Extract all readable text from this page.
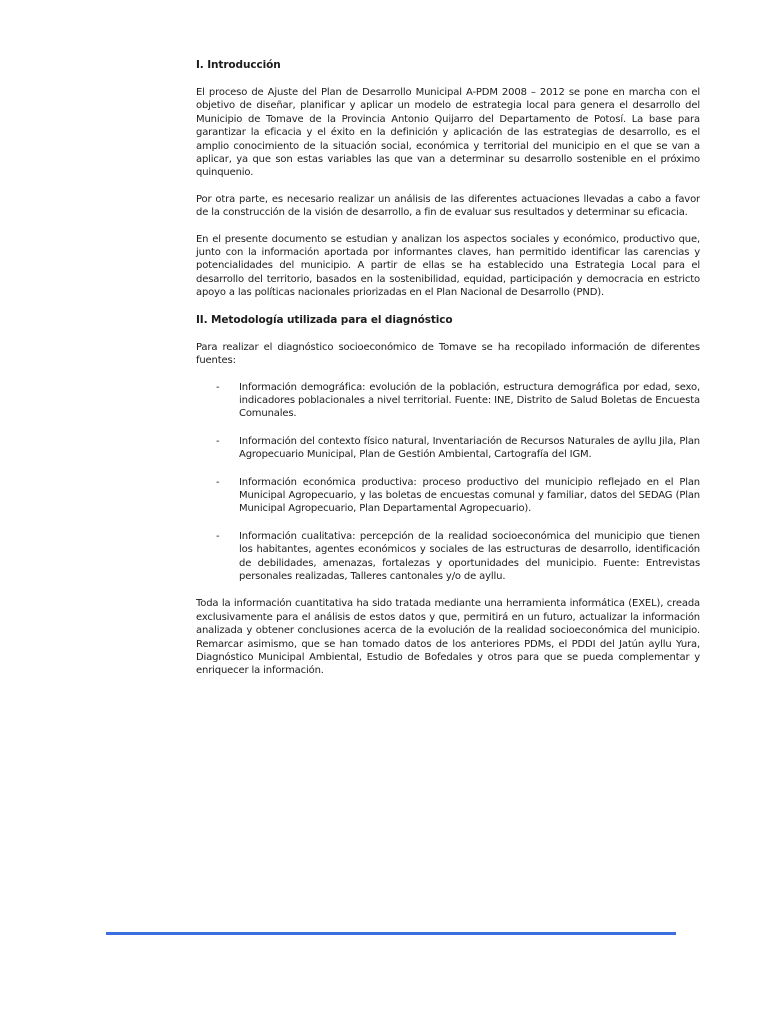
I. Introducción

El proceso de Ajuste del Plan de Desarrollo Municipal A-PDM 2008 – 2012 se pone en marcha con el objetivo de diseñar, planificar y aplicar un modelo de estrategia local para genera el desarrollo del Municipio de Tomave de la Provincia Antonio Quijarro del Departamento de Potosí. La base para garantizar la eficacia y el éxito en la definición y aplicación de las estrategias de desarrollo, es el amplio conocimiento de la situación social, económica y territorial del municipio en el que se van a aplicar, ya que son estas variables las que van a determinar su desarrollo sostenible en el próximo quinquenio.

Por otra parte, es necesario realizar un análisis de las diferentes actuaciones llevadas a cabo a favor de la construcción de la visión de desarrollo, a fin de evaluar sus resultados y determinar su eficacia.

En el presente documento se estudian y analizan los aspectos sociales y económico, productivo que, junto con la información aportada por informantes claves, han permitido identificar las carencias y potencialidades del municipio. A partir de ellas se ha establecido una Estrategia Local para el desarrollo del territorio, basados en la sostenibilidad, equidad, participación y democracia en estricto apoyo a las políticas nacionales priorizadas en el Plan Nacional de Desarrollo (PND).

II. Metodología utilizada para el diagnóstico

Para realizar el diagnóstico socioeconómico de Tomave se ha recopilado información de diferentes fuentes:

- Información demográfica: evolución de la población, estructura demográfica por edad, sexo, indicadores poblacionales a nivel territorial. Fuente: INE, Distrito de Salud Boletas de Encuesta Comunales.
- Información del contexto físico natural, Inventariación de Recursos Naturales de ayllu Jila, Plan Agropecuario Municipal, Plan de Gestión Ambiental, Cartografía del IGM.
- Información económica productiva: proceso productivo del municipio reflejado en el Plan Municipal Agropecuario, y las boletas de encuestas comunal y familiar, datos del SEDAG (Plan Municipal Agropecuario, Plan Departamental Agropecuario).
- Información cualitativa: percepción de la realidad socioeconómica del municipio que tienen los habitantes, agentes económicos y sociales de las estructuras de desarrollo, identificación de debilidades, amenazas, fortalezas y oportunidades del municipio. Fuente: Entrevistas personales realizadas, Talleres cantonales y/o de ayllu.

Toda la información cuantitativa ha sido tratada mediante una herramienta informática (EXEL), creada exclusivamente para el análisis de estos datos y que, permitirá en un futuro, actualizar la información analizada y obtener conclusiones acerca de la evolución de la realidad socioeconómica del municipio. Remarcar asimismo, que se han tomado datos de los anteriores PDMs, el PDDI del Jatún ayllu Yura, Diagnóstico Municipal Ambiental, Estudio de Bofedales y otros para que se pueda complementar y enriquecer la información.
